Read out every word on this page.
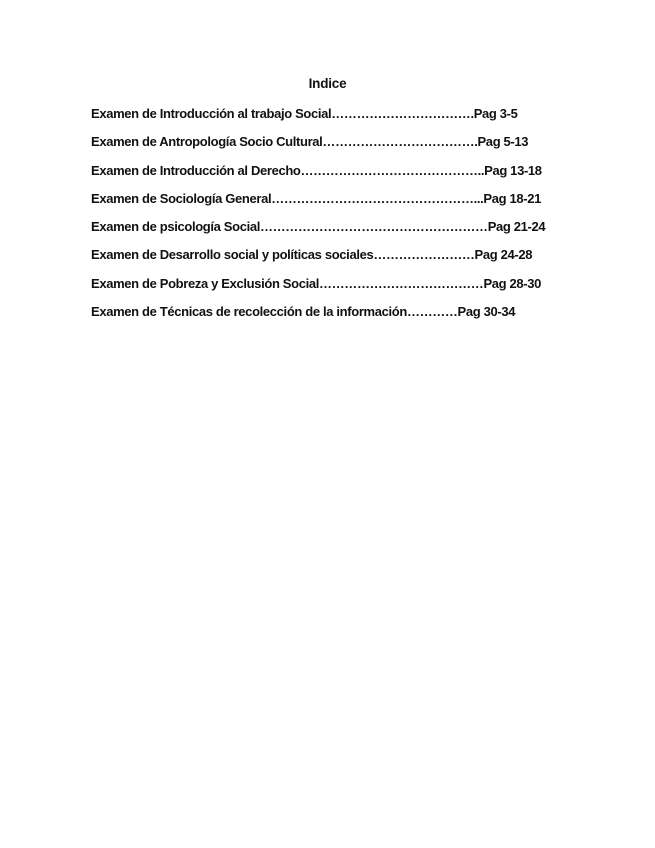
Indice
Examen de Introducción al trabajo Social…………………………….Pag 3-5
Examen de Antropología Socio Cultural……………………………….Pag 5-13
Examen de Introducción al Derecho……………………………………..Pag 13-18
Examen de Sociología General…………………………………………...Pag 18-21
Examen de psicología Social………………………………………………Pag 21-24
Examen de Desarrollo social y políticas sociales……………………Pag 24-28
Examen de Pobreza y Exclusión Social…………………………………Pag 28-30
Examen de Técnicas de recolección de la información…………Pag 30-34
